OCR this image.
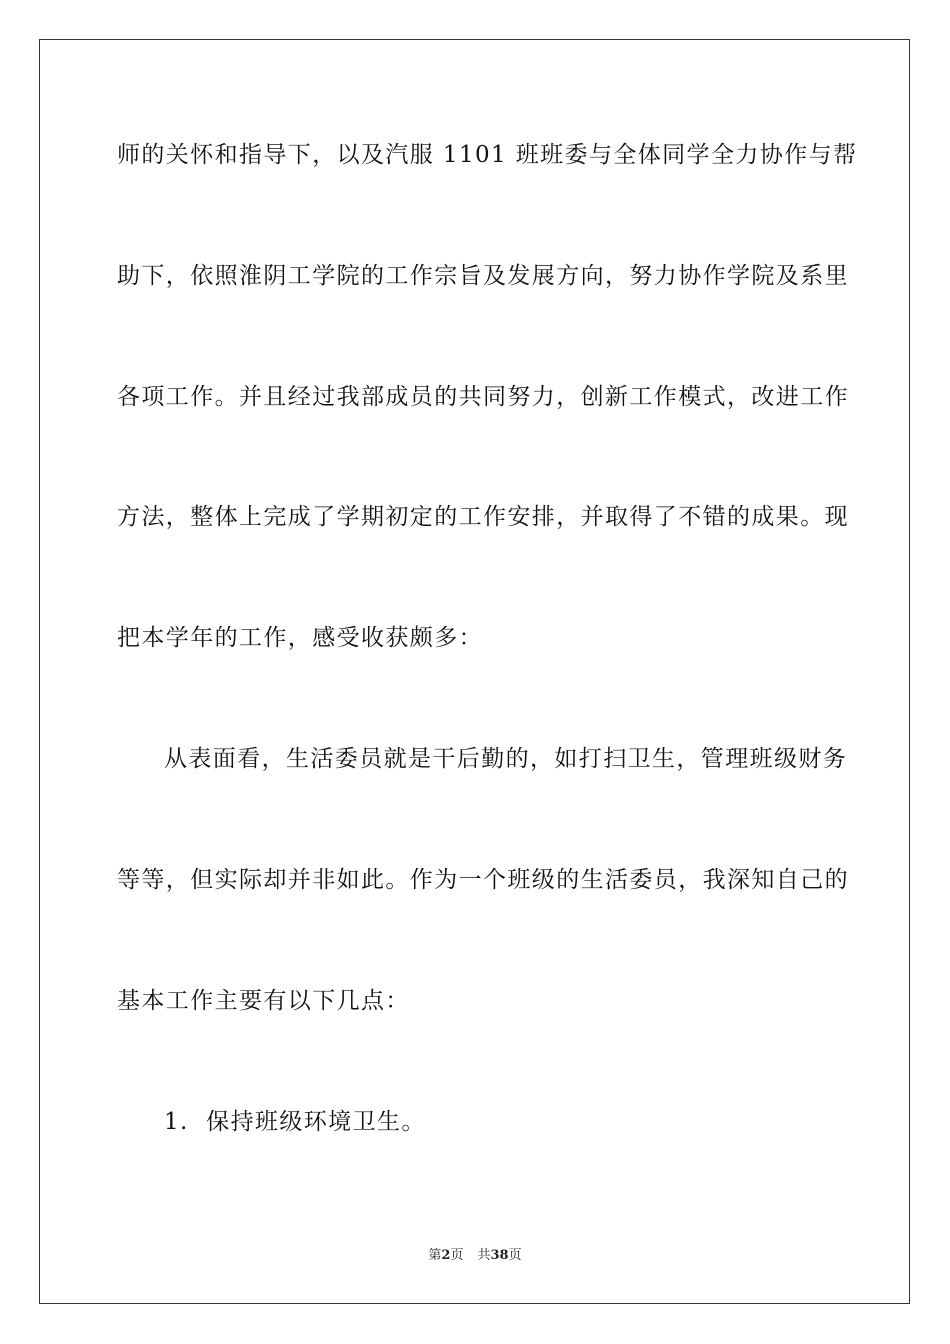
师的关怀和指导下，以及汽服 1101 班班委与全体同学全力协作与帮
助下，依照淮阴工学院的工作宗旨及发展方向，努力协作学院及系里
各项工作。并且经过我部成员的共同努力，创新工作模式，改进工作
方法，整体上完成了学期初定的工作安排，并取得了不错的成果。现
把本学年的工作，感受收获颇多：
从表面看，生活委员就是干后勤的，如打扫卫生，管理班级财务
等等，但实际却并非如此。作为一个班级的生活委员，我深知自己的
基本工作主要有以下几点：
1.  保持班级环境卫生。
第2页 共38页
